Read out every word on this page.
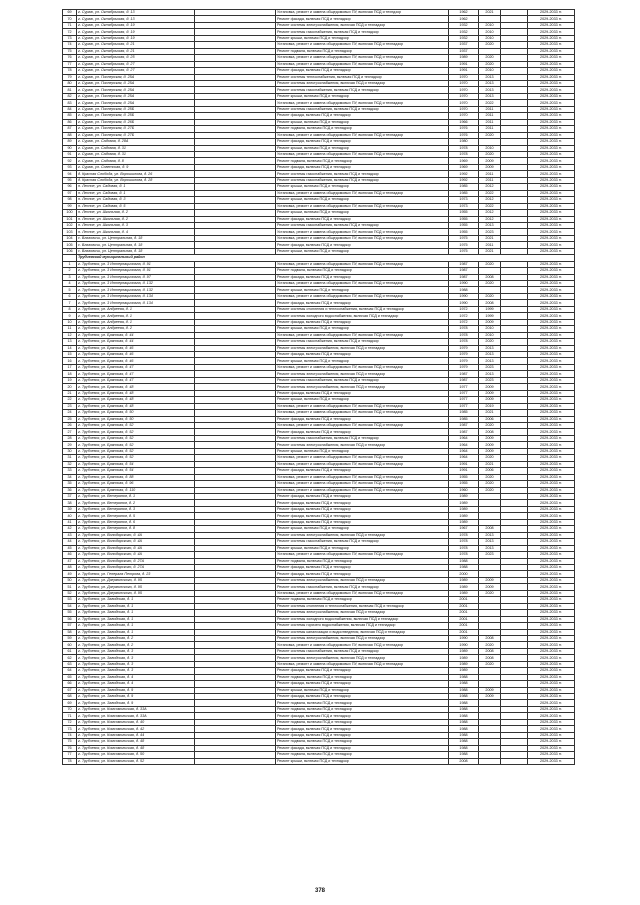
69	г. Сураж, ул. Октябрьская, д. 13		Установка, ремонт и замена общедомовых ПУ, включая ПСД и техндзор	1962	2021		2029-2033 гг.
70	г. Сураж, ул. Октябрьская, д. 13		Ремонт фасада, включая ПСД и технадзор	1962			2029-2033 гг.
71	г. Сураж, ул. Октябрьская, д. 19		Ремонт системы электроснабжения, включая ПСД и технадзор	1932	2010		2029-2033 гг.
72	г. Сураж, ул. Октябрьская, д. 19		Ремонт системы газоснабжения, включая ПСД и технадзор	1932	2010		2029-2033 гг.
73	г. Сураж, ул. Октябрьская, д. 19		Ремонт крыши, включая ПСД и технадзор	1932	2010		2029-2033 гг.
74	г. Сураж, ул. Октябрьская, д. 21		Установка, ремонт и замена общедомовых ПУ, включая ПСД и технадзор	1937	2020		2029-2033 гг.
75	г. Сураж, ул. Октябрьская, д. 21		Ремонт подвала, включая ПСД и технадзор	1937			2029-2033 гг.
76	г. Сураж, ул. Октябрьская, д. 25		Установка, ремонт и замена общедомовых ПУ, включая ПСД и технадзор	1989	2020		2029-2033 гг.
77	г. Сураж, ул. Октябрьская, д. 27		Установка, ремонт и замена общедомовых ПУ, включая ПСД и технадзор	1991	2020		2029-2033 гг.
78	г. Сураж, ул. Октябрьская, д. 27		Ремонт фасада, включая ПСД и технадзор	1991	2010		2029-2033 гг.
79	г. Сураж, ул. Пионерская, д. 25А		Ремонт системы теплоснабжения, включая ПСД и технадзор	1970	2013		2029-2033 гг.
80	г. Сураж, ул. Пионерская, д. 25А		Ремонт системы электроснабжения, включая ПСД и технадзор	1970	2013		2029-2033 гг.
81	г. Сураж, ул. Пионерская, д. 25А		Ремонт системы газоснабжения, включая ПСД и технадзор	1970	2013		2029-2033 гг.
82	г. Сураж, ул. Пионерская, д. 25А		Ремонт крыши, включая ПСД и технадзор	1970	2013		2029-2033 гг.
83	г. Сураж, ул. Пионерская, д. 25А		Установка, ремонт и замена общедомовых ПУ, включая ПСД и технадзор	1970	2022		2029-2033 гг.
84	г. Сураж, ул. Пионерская, д. 25Б		Ремонт системы газоснабжения, включая ПСД и технадзор	1970	2011		2029-2033 гг.
85	г. Сураж, ул. Пионерская, д. 25Б		Ремонт фасада, включая ПСД и технадзор	1970	2011		2029-2033 гг.
86	г. Сураж, ул. Пионерская, д. 26Б		Ремонт крыши, включая ПСД и технадзор	1966	2011		2029-2033 гг.
87	г. Сураж, ул. Пионерская, д. 27Б		Ремонт подвала, включая ПСД и технадзор	1976	2011		2029-2033 гг.
88	г. Сураж, ул. Пионерская, д. 27Б		Установка, ремонт и замена общедомовых ПУ, включая ПСД и технадзор	1976	2020		2029-2033 гг.
89	г. Сураж, ул. Садовая, д. 28А		Ремонт фасада, включая ПСД и технадзор	1980			2029-2033 гг.
90	г. Сураж, ул. Садовая, д. 31		Ремонт крыши, включая ПСД и технадзор	1978	2010		2029-2033 гг.
91	г. Сураж, ул. Садовая, д. 31		Установка, ремонт и замена общедомовых ПУ, включая ПСД и технадзор	1978	2020		2029-2033 гг.
92	г. Сураж, ул. Садовая, д. 8		Ремонт подвала, включая ПСД и технадзор	1969	2009		2029-2033 гг.
93	г. Сураж, ул. Советская, д. 9		Ремонт фасада, включая ПСД и технадзор	1969	2009		2029-2033 гг.
94	д. Красная Слобода, ул. Ворошилова, д. 26		Ремонт системы газоснабжения, включая ПСД и технадзор	1992	2011		2020-2033 гг.
95	д. Красная Слобода, ул. Ворошилова, д. 28		Ремонт системы газоснабжения, включая ПСД и технадзор	1992	2011		2029-2033 гг.
96	п. Лесное, ул. Садовая, д. 1		Ремонт крыши, включая ПСД и технадзор	1985	2012		2029-2033 гг.
97	п. Лесное, ул. Садовая, д. 1		Установка, ремонт и замена общедомовых ПУ, включая ПСД и технадзор	1985	2022		2029-2033 гг.
98	п. Лесное, ул. Садовая, д. 3		Ремонт крыши, включая ПСД и технадзор	1973	2012		2029-2033 гг.
99	п. Лесное, ул. Садовая, д. 5		Установка, ремонт и замена общедомовых ПУ, включая ПСД и технадзор	1973	2022		2029-2033 гг.
100	п. Лесное, ул. Школьная, д. 2		Ремонт крыши, включая ПСД и технадзор	1955	2012		2029-2033 гг.
101	п. Лесное, ул. Школьная, д. 2		Ремонт фасада, включая ПСД и технадзор	1955	2012		2029-2033 гг.
102	п. Лесное, ул. Школьная, д. 3		Ремонт системы газоснабжения, включая ПСД и технадзор	1955	2013		2029-2033 гг.
103	п. Лесное, ул. Школьная, д. 4		Установка, ремонт и замена общедомовых ПУ, включая ПСД и технадзор	1955	2023		2029-2033 гг.
104	с. Влазовичи, ул. Центральная, д. 18		Установка, ремонт и замена общедомовых ПУ, включая ПСД и технадзор	1975	2021		2029-2033 гг.
105	с. Влазовичи, ул. Центральная, д. 18		Ремонт фасада, включая ПСД и технадзор	1975	2011		2029-2033 гг.
106	с. Влазовичи, ул. Центральная, д. 18		Ремонт крыши, включая ПСД и технадзор	1975	2021		2029-2033 гг.
	Трубчевский муниципальный район						
1	г. Трубчевск, ул. 3 Интернационала, д. 91		Установка, ремонт и замена общедомовых ПУ, включая ПСД и технадзор	1987	2020		2029-2033 гг.
2	г. Трубчевск, ул. 3 Интернационала, д. 91		Ремонт подвала, включая ПСД и технадзор	1987			2029-2033 гг.
3	г. Трубчевск, ул. 3 Интернационала, д. 97		Ремонт фасада, включая ПСД и технадзор	1987	2008		2029-2033 гг.
4	г. Трубчевск, ул. 3 Интернационала, д. 132		Установка, ремонт и замена общедомовых ПУ, включая ПСД и технадзор	1990	2020		2029-2033 гг.
5	г. Трубчевск, ул. 3 Интернационала, д. 132		Ремонт крыши, включая ПСД и технадзор	1988			2029-2033 гг.
6	г. Трубчевск, ул. 3 Интернационала, д. 134		Установка, ремонт и замена общедомовых ПУ, включая ПСД и технадзор	1990	2020		2029-2033 гг.
7	г. Трубчевск, ул. 3 Интернационала, д. 134		Ремонт фасада, включая ПСД и технадзор	1990	2008		2029-2033 гг.
8	г. Трубчевск, ул. Андреева, д. 1		Ремонт системы отопления и теплоснабжения, включая ПСД и технадзор	1972	1999		2029-2033 гг.
9	г. Трубчевск, ул. Андреева, д. 1		Ремонт системы холодного водоснабжения, включая ПСД и технадзор	1972	1999		2029-2033 гг.
10	г. Трубчевск, ул. Андреева, д. 1		Ремонт фасада, включая ПСД и технадзор	1972	2009		2029-2033 гг.
11	г. Трубчевск, ул. Андреева, д. 2		Ремонт крыши, включая ПСД и технадзор	1978	2010		2029-2033 гг.
12	г. Трубчевск, ул. Брянская, д. 44		Установка, ремонт и замена общедомовых ПУ, включая ПСД и технадзор	1978	2010		2029-2033 гг.
13	г. Трубчевск, ул. Брянская, д. 44		Ремонт системы газоснабжения, включая ПСД и технадзор	1978	2020		2029-2033 гг.
14	г. Трубчевск, ул. Брянская, д. 46		Ремонт системы электроснабжения, включая ПСД и технадзор	1979	2013		2029-2033 гг.
15	г. Трубчевск, ул. Брянская, д. 46		Ремонт фасада, включая ПСД и технадзор	1979	2013		2029-2033 гг.
16	г. Трубчевск, ул. Брянская, д. 46		Ремонт крыши, включая ПСД и технадзор	1979	2013		2029-2033 гг.
17	г. Трубчевск, ул. Брянская, д. 47		Установка, ремонт и замена общедомовых ПУ, включая ПСД и технадзор	1979	2023		2029-2033 гг.
18	г. Трубчевск, ул. Брянская, д. 47		Ремонт системы электроснабжения, включая ПСД и технадзор	1987	2013		2029-2033 гг.
19	г. Трубчевск, ул. Брянская, д. 47		Ремонт системы газоснабжения, включая ПСД и технадзор	1987	2023		2029-2033 гг.
20	г. Трубчевск, ул. Брянская, д. 48		Ремонт системы электроснабжения, включая ПСД и технадзор	1977	2009		2029-2033 гг.
21	г. Трубчевск, ул. Брянская, д. 48		Ремонт фасада, включая ПСД и технадзор	1977	2009		2029-2033 гг.
22	г. Трубчевск, ул. Брянская, д. 48		Ремонт крыши, включая ПСД и технадзор	1977	2009		2029-2033 гг.
23	г. Трубчевск, ул. Брянская, д. 48		Установка, ремонт и замена общедомовых ПУ, включая ПСД и технадзор	1977	2019		2029-2033 гг.
24	г. Трубчевск, ул. Брянская, д. 50		Установка, ремонт и замена общедомовых ПУ, включая ПСД и технадзор	1985	2021		2029-2033 гг.
25	г. Трубчевск, ул. Брянская, д. 50		Ремонт фасада, включая ПСД и технадзор	1985	2006		2029-2033 гг.
26	г. Трубчевск, ул. Брянская, д. 52		Установка, ремонт и замена общедомовых ПУ, включая ПСД и технадзор	1987	2020		2029-2033 гг.
27	г. Трубчевск, ул. Брянская, д. 52		Ремонт фасада, включая ПСД и технадзор	1987	2008		2029-2033 гг.
28	г. Трубчевск, ул. Брянская, д. 52		Ремонт системы газоснабжения, включая ПСД и технадзор	1964	2009		2029-2033 гг.
29	г. Трубчевск, ул. Брянская, д. 52		Ремонт системы электроснабжения, включая ПСД и технадзор	1964	2009		2029-2033 гг.
30	г. Трубчевск, ул. Брянская, д. 52		Ремонт крыши, включая ПСД и технадзор	1964	2009		2029-2033 гг.
31	г. Трубчевск, ул. Брянская, д. 52		Установка, ремонт и замена общедомовых ПУ, включая ПСД и технадзор	1964	2020		2029-2033 гг.
32	г. Трубчевск, ул. Брянская, д. 54		Установка, ремонт и замена общедомовых ПУ, включая ПСД и технадзор	1991	2021		2029-2033 гг.
33	г. Трубчевск, ул. Брянская, д. 54		Ремонт фасада, включая ПСД и технадзор	1991	2006		2029-2033 гг.
34	г. Трубчевск, ул. Брянская, д. 88		Установка, ремонт и замена общедомовых ПУ, включая ПСД и технадзор	1955	2020		2029-2033 гг.
35	г. Трубчевск, ул. Брянская, д. 96		Установка, ремонт и замена общедомовых ПУ, включая ПСД и технадзор	1955	2020		2029-2033 гг.
36	г. Трубчевск, ул. Брянская, д. 110		Установка, ремонт и замена общедомовых ПУ, включая ПСД и технадзор	1960	2020		2029-2033 гг.
37	г. Трубчевск, ул. Ветеранов, д. 1		Ремонт фасада, включая ПСД и технадзор	1989			2029-2033 гг.
38	г. Трубчевск, ул. Ветеранов, д. 2		Ремонт фасада, включая ПСД и технадзор	1989			2029-2033 гг.
39	г. Трубчевск, ул. Ветеранов, д. 3		Ремонт фасада, включая ПСД и технадзор	1989			2029-2033 гг.
40	г. Трубчевск, ул. Ветеранов, д. 5		Ремонт фасада, включая ПСД и технадзор	1989			2029-2033 гг.
41	г. Трубчевск, ул. Ветеранов, д. 6		Ремонт фасада, включая ПСД и технадзор	1989			2029-2033 гг.
42	г. Трубчевск, ул. Ветеранов, д. 8		Ремонт крыши, включая ПСД и технадзор	1967	2008		2029-2033 гг.
43	г. Трубчевск, ул. Володарского, д. 4А		Ремонт системы электроснабжения, включая ПСД и технадзор	1978	2013		2029-2033 гг.
44	г. Трубчевск, ул. Володарского, д. 4А		Ремонт системы газоснабжения, включая ПСД и технадзор	1978	2013		2029-2033 гг.
45	г. Трубчевск, ул. Володарского, д. 4А		Ремонт крыши, включая ПСД и технадзор	1978	2013		2029-2033 гг.
46	г. Трубчевск, ул. Володарского, д. 4А		Установка, ремонт и замена общедомовых ПУ, включая ПСД и технадзор	1978	2023		2029-2033 гг.
47	г. Трубчевск, ул. Володарского, д. 27А		Ремонт подвала, включая ПСД и технадзор	1988			2029-2033 гг.
48	г. Трубчевск, ул. Володарского, д. 27А		Ремонт фасада, включая ПСД и технадзор	1988			2029-2033 гг.
49	г. Трубчевск, ул. Генерала Петрова, д. 23		Ремонт фасада, включая ПСД и технадзор	2000			2029-2033 гг.
50	г. Трубчевск, ул. Дзержинского, д. 95		Ремонт системы электроснабжения, включая ПСД и технадзор	1989	2009		2029-2033 гг.
51	г. Трубчевск, ул. Дзержинского, д. 95		Ремонт системы газоснабжения, включая ПСД и технадзор	1989	2009		2029-2033 гг.
52	г. Трубчевск, ул. Дзержинского, д. 95		Установка, ремонт и замена общедомовых ПУ, включая ПСД и технадзор	1989	2020		2029-2033 гг.
53	г. Трубчевск, ул. Заводская, д. 1		Ремонт подвала, включая ПСД и технадзор	2001			2029-2033 гг.
54	г. Трубчевск, ул. Заводская, д. 1		Ремонт системы отопления и теплоснабжения, включая ПСД и технадзор	2001			2029-2033 гг.
55	г. Трубчевск, ул. Заводская, д. 1		Ремонт системы электроснабжения, включая ПСД и технадзор	2001			2029-2033 гг.
56	г. Трубчевск, ул. Заводская, д. 1		Ремонт системы холодного водоснабжения, включая ПСД и технадзор	2001			2029-2033 гг.
57	г. Трубчевск, ул. Заводская, д. 1		Ремонт системы горячего водоснабжения, включая ПСД и технадзор	2001			2029-2033 гг.
58	г. Трубчевск, ул. Заводская, д. 1		Ремонт системы канализации и водоотведения, включая ПСД и технадзор	2001			2029-2033 гг.
59	г. Трубчевск, ул. Заводская, д. 2		Ремонт системы электроснабжения, включая ПСД и технадзор	1990	2008		2029-2033 гг.
60	г. Трубчевск, ул. Заводская, д. 2		Установка, ремонт и замена общедомовых ПУ, включая ПСД и технадзор	1990	2020		2029-2033 гг.
61	г. Трубчевск, ул. Заводская, д. 3		Ремонт системы газоснабжения, включая ПСД и технадзор	1989	2008		2029-2033 гг.
62	г. Трубчевск, ул. Заводская, д. 3		Ремонт системы электроснабжения, включая ПСД и технадзор	1989	2008		2029-2033 гг.
63	г. Трубчевск, ул. Заводская, д. 3		Установка, ремонт и замена общедомовых ПУ, включая ПСД и технадзор	1989	2020		2029-2033 гг.
64	г. Трубчевск, ул. Заводская, д. 3		Ремонт фасада, включая ПСД и технадзор	1989			2029-2033 гг.
65	г. Трубчевск, ул. Заводская, д. 4		Ремонт подвала, включая ПСД и технадзор	1988			2029-2033 гг.
66	г. Трубчевск, ул. Заводская, д. 4		Ремонт фасада, включая ПСД и технадзор	1988			2029-2033 гг.
67	г. Трубчевск, ул. Заводская, д. 9		Ремонт крыши, включая ПСД и технадзор	1988	2009		2029-2033 гг.
68	г. Трубчевск, ул. Заводская, д. 9		Ремонт фасада, включая ПСД и технадзор	1988	2009		2029-2033 гг.
69	г. Трубчевск, ул. Заводская, д. 9		Ремонт подвала, включая ПСД и технадзор	1988			2029-2033 гг.
70	г. Трубчевск, ул. Комсомольская, д. 33А		Ремонт подвала, включая ПСД и технадзор	1988			2029-2033 гг.
71	г. Трубчевск, ул. Комсомольская, д. 33А		Ремонт фасада, включая ПСД и технадзор	1988			2029-2033 гг.
72	г. Трубчевск, ул. Комсомольская, д. 40		Ремонт подвала, включая ПСД и технадзор	1988			2029-2033 гг.
73	г. Трубчевск, ул. Комсомольская, д. 42		Ремонт фасада, включая ПСД и технадзор	1988			2029-2033 гг.
74	г. Трубчевск, ул. Комсомольская, д. 44		Ремонт фасада, включая ПСД и технадзор	1988			2029-2033 гг.
75	г. Трубчевск, ул. Комсомольская, д. 48		Ремонт подвала, включая ПСД и технадзор	1988			2029-2033 гг.
76	г. Трубчевск, ул. Комсомольская, д. 48		Ремонт фасада, включая ПСД и технадзор	1988			2029-2033 гг.
77	г. Трубчевск, ул. Комсомольская, д. 50		Ремонт подвала, включая ПСД и технадзор	1988			2029-2033 гг.
78	г. Трубчевск, ул. Комсомольская, д. 52		Ремонт крыши, включая ПСД и технадзор	2008			2029-2033 гг.
378
